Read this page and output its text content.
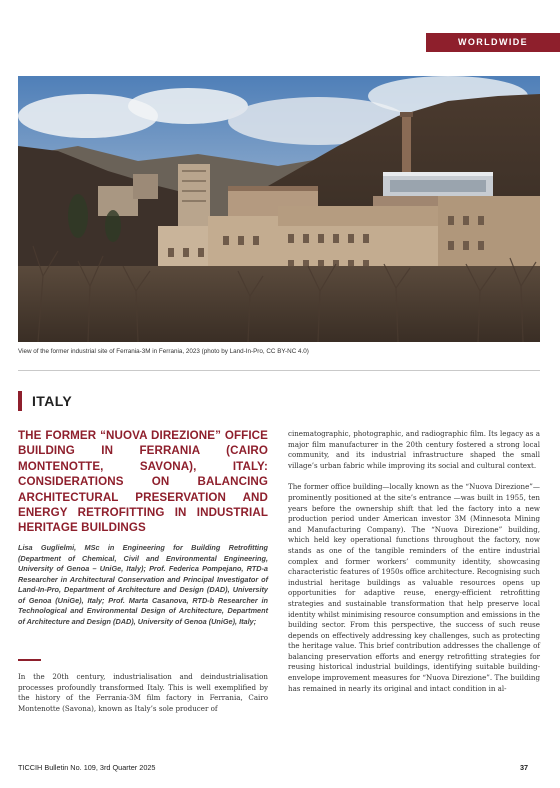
WORLDWIDE
View of the former industrial site of Ferrania-3M in Ferrania, 2023 (photo by Land-In-Pro, CC BY-NC 4.0)
ITALY
THE FORMER “NUOVA DIREZIONE” OFFICE BUILDING IN FERRANIA (CAIRO MONTENOTTE, SAVONA), ITALY: CONSIDERATIONS ON BALANCING ARCHITECTURAL PRESERVATION AND ENERGY RETROFITTING IN INDUSTRIAL HERITAGE BUILDINGS
Lisa Guglielmi, MSc in Engineering for Building Retrofitting (Department of Chemical, Civil and Environmental Engineering, University of Genoa – UniGe, Italy); Prof. Federica Pompejano, RTD-a Researcher in Architectural Conservation and Principal Investigator of Land-In-Pro, Department of Architecture and Design (DAD), University of Genoa (UniGe), Italy; Prof. Marta Casanova, RTD-b Researcher in Technological and Environmental Design of Architecture, Department of Architecture and Design (DAD), University of Genoa (UniGe), Italy;

In the 20th century, industrialisation and deindustrialisation processes profoundly transformed Italy. This is well exemplified by the history of the Ferrania-3M film factory in Ferrania, Cairo Montenotte (Savona), known as Italy’s sole producer of

cinematographic, photographic, and radiographic film. Its legacy as a major film manufacturer in the 20th century fostered a strong local community, and its industrial infrastructure shaped the small village’s urban fabric while improving its social and cultural context.

The former office building—locally known as the “Nuova Direzione”—prominently positioned at the site’s entrance —was built in 1955, ten years before the ownership shift that led the factory into a new production period under American investor 3M (Minnesota Mining and Manufacturing Company). The “Nuova Direzione” building, which held key operational functions throughout the factory, now stands as one of the tangible reminders of the entire industrial complex and former workers’ community identity, showcasing characteristic features of 1950s office architecture. Recognising such industrial heritage buildings as valuable resources opens up opportunities for adaptive reuse, energy-efficient retrofitting strategies and sustainable transformation that help preserve local identity whilst minimising resource consumption and emissions in the building sector. From this perspective, the success of such reuse depends on effectively addressing key challenges, such as protecting the heritage value. This brief contribution addresses the challenge of balancing preservation efforts and energy retrofitting strategies for reusing historical industrial buildings, identifying suitable building-envelope improvement measures for “Nuova Direzione”. The building has remained in nearly its original and intact condition in al-

TICCIH Bulletin No. 109, 3rd Quarter 2025	37
